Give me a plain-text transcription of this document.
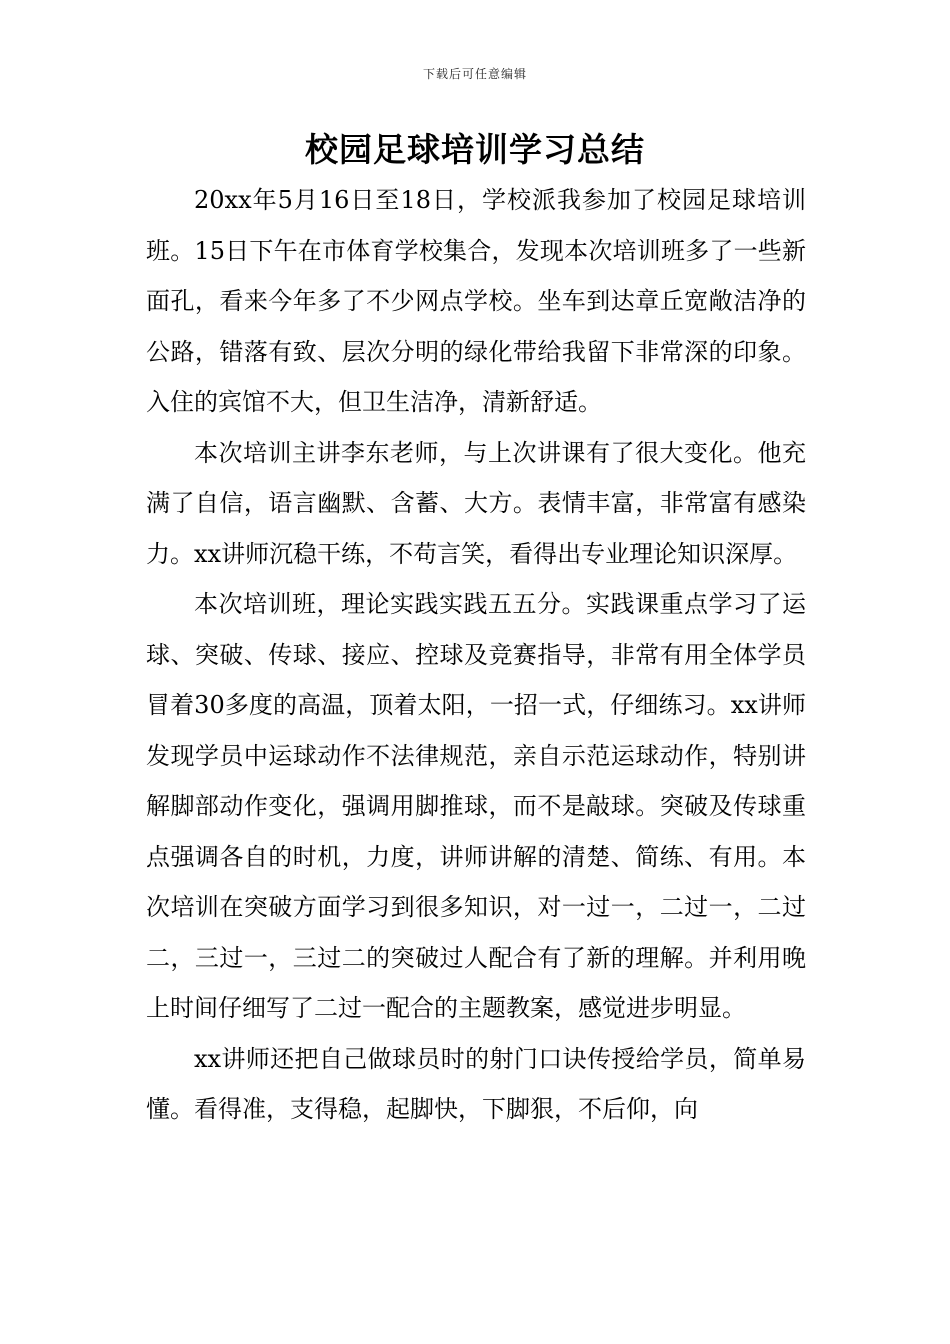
下载后可任意编辑
校园足球培训学习总结

20xx年5月16日至18日，学校派我参加了校园足球培训班。15日下午在市体育学校集合，发现本次培训班多了一些新面孔，看来今年多了不少网点学校。坐车到达章丘宽敞洁净的公路，错落有致、层次分明的绿化带给我留下非常深的印象。入住的宾馆不大，但卫生洁净，清新舒适。

本次培训主讲李东老师，与上次讲课有了很大变化。他充满了自信，语言幽默、含蓄、大方。表情丰富，非常富有感染力。xx讲师沉稳干练，不苟言笑，看得出专业理论知识深厚。

本次培训班，理论实践实践五五分。实践课重点学习了运球、突破、传球、接应、控球及竞赛指导，非常有用全体学员冒着30多度的高温，顶着太阳，一招一式，仔细练习。xx讲师发现学员中运球动作不法律规范，亲自示范运球动作，特别讲解脚部动作变化，强调用脚推球，而不是敲球。突破及传球重点强调各自的时机，力度，讲师讲解的清楚、简练、有用。本次培训在突破方面学习到很多知识，对一过一，二过一，二过二，三过一，三过二的突破过人配合有了新的理解。并利用晚上时间仔细写了二过一配合的主题教案，感觉进步明显。

xx讲师还把自己做球员时的射门口诀传授给学员，简单易懂。看得准，支得稳，起脚快，下脚狠，不后仰，向
